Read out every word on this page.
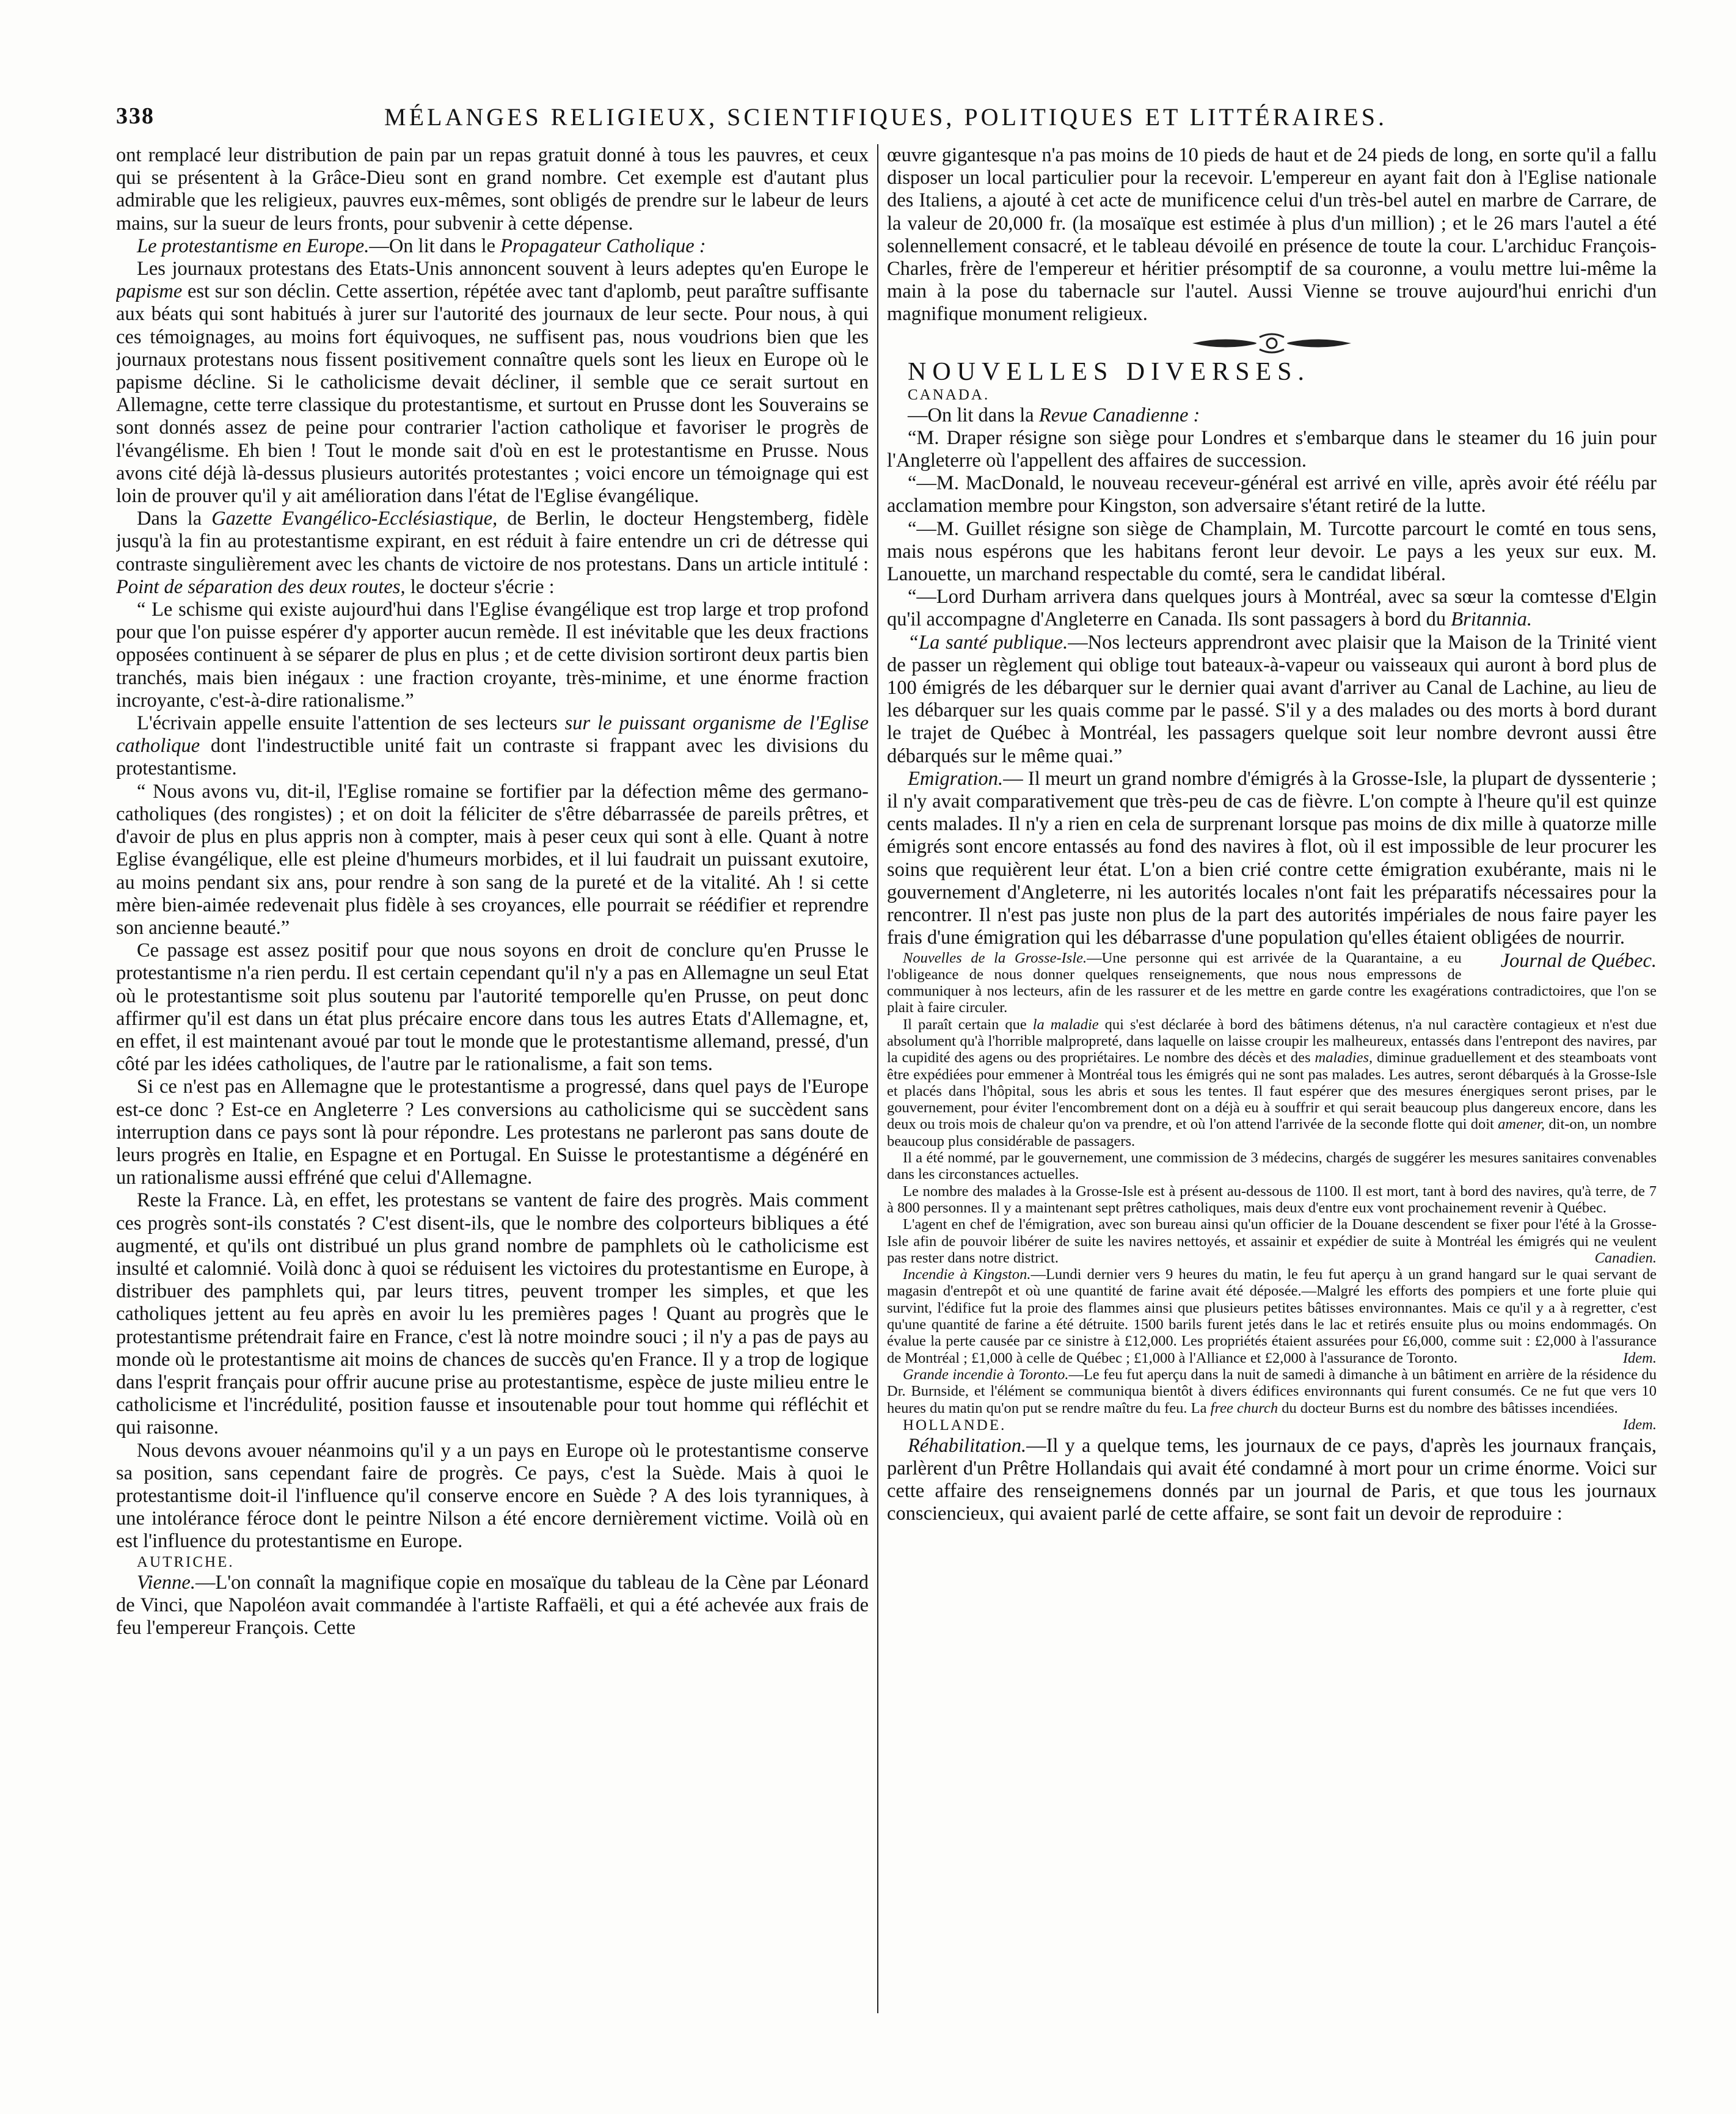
338	MÉLANGES RELIGIEUX, SCIENTIFIQUES, POLITIQUES ET LITTÉRAIRES.

ont remplacé leur distribution de pain par un repas gratuit donné à tous les pauvres, et ceux qui se présentent à la Grâce-Dieu sont en grand nombre. Cet exemple est d'autant plus admirable que les religieux, pauvres eux-mêmes, sont obligés de prendre sur le labeur de leurs mains, sur la sueur de leurs fronts, pour subvenir à cette dépense.

Le protestantisme en Europe.—On lit dans le Propagateur Catholique :

Les journaux protestans des Etats-Unis annoncent souvent à leurs adeptes qu'en Europe le papisme est sur son déclin. Cette assertion, répétée avec tant d'aplomb, peut paraître suffisante aux béats qui sont habitués à jurer sur l'autorité des journaux de leur secte. Pour nous, à qui ces témoignages, au moins fort équivoques, ne suffisent pas, nous voudrions bien que les journaux protestans nous fissent positivement connaître quels sont les lieux en Europe où le papisme décline. Si le catholicisme devait décliner, il semble que ce serait surtout en Allemagne, cette terre classique du protestantisme, et surtout en Prusse dont les Souverains se sont donnés assez de peine pour contrarier l'action catholique et favoriser le progrès de l'évangélisme. Eh bien ! Tout le monde sait d'où en est le protestantisme en Prusse. Nous avons cité déjà là-dessus plusieurs autorités protestantes ; voici encore un témoignage qui est loin de prouver qu'il y ait amélioration dans l'état de l'Eglise évangélique.

Dans la Gazette Evangélico-Ecclésiastique, de Berlin, le docteur Hengstemberg, fidèle jusqu'à la fin au protestantisme expirant, en est réduit à faire entendre un cri de détresse qui contraste singulièrement avec les chants de victoire de nos protestans. Dans un article intitulé : Point de séparation des deux routes, le docteur s'écrie :

“ Le schisme qui existe aujourd'hui dans l'Eglise évangélique est trop large et trop profond pour que l'on puisse espérer d'y apporter aucun remède. Il est inévitable que les deux fractions opposées continuent à se séparer de plus en plus ; et de cette division sortiront deux partis bien tranchés, mais bien inégaux : une fraction croyante, très-minime, et une énorme fraction incroyante, c'est-à-dire rationalisme.”

L'écrivain appelle ensuite l'attention de ses lecteurs sur le puissant organisme de l'Eglise catholique dont l'indestructible unité fait un contraste si frappant avec les divisions du protestantisme.

“ Nous avons vu, dit-il, l'Eglise romaine se fortifier par la défection même des germano-catholiques (des rongistes) ; et on doit la féliciter de s'être débarrassée de pareils prêtres, et d'avoir de plus en plus appris non à compter, mais à peser ceux qui sont à elle. Quant à notre Eglise évangélique, elle est pleine d'humeurs morbides, et il lui faudrait un puissant exutoire, au moins pendant six ans, pour rendre à son sang de la pureté et de la vitalité. Ah ! si cette mère bien-aimée redevenait plus fidèle à ses croyances, elle pourrait se réédifier et reprendre son ancienne beauté.”

Ce passage est assez positif pour que nous soyons en droit de conclure qu'en Prusse le protestantisme n'a rien perdu. Il est certain cependant qu'il n'y a pas en Allemagne un seul Etat où le protestantisme soit plus soutenu par l'autorité temporelle qu'en Prusse, on peut donc affirmer qu'il est dans un état plus précaire encore dans tous les autres Etats d'Allemagne, et, en effet, il est maintenant avoué par tout le monde que le protestantisme allemand, pressé, d'un côté par les idées catholiques, de l'autre par le rationalisme, a fait son tems.

Si ce n'est pas en Allemagne que le protestantisme a progressé, dans quel pays de l'Europe est-ce donc ? Est-ce en Angleterre ? Les conversions au catholicisme qui se succèdent sans interruption dans ce pays sont là pour répondre. Les protestans ne parleront pas sans doute de leurs progrès en Italie, en Espagne et en Portugal. En Suisse le protestantisme a dégénéré en un rationalisme aussi effréné que celui d'Allemagne.

Reste la France. Là, en effet, les protestans se vantent de faire des progrès. Mais comment ces progrès sont-ils constatés ? C'est disent-ils, que le nombre des colporteurs bibliques a été augmenté, et qu'ils ont distribué un plus grand nombre de pamphlets où le catholicisme est insulté et calomnié. Voilà donc à quoi se réduisent les victoires du protestantisme en Europe, à distribuer des pamphlets qui, par leurs titres, peuvent tromper les simples, et que les catholiques jettent au feu après en avoir lu les premières pages ! Quant au progrès que le protestantisme prétendrait faire en France, c'est là notre moindre souci ; il n'y a pas de pays au monde où le protestantisme ait moins de chances de succès qu'en France. Il y a trop de logique dans l'esprit français pour offrir aucune prise au protestantisme, espèce de juste milieu entre le catholicisme et l'incrédulité, position fausse et insoutenable pour tout homme qui réfléchit et qui raisonne.

Nous devons avouer néanmoins qu'il y a un pays en Europe où le protestantisme conserve sa position, sans cependant faire de progrès. Ce pays, c'est la Suède. Mais à quoi le protestantisme doit-il l'influence qu'il conserve encore en Suède ? A des lois tyranniques, à une intolérance féroce dont le peintre Nilson a été encore dernièrement victime. Voilà où en est l'influence du protestantisme en Europe.

AUTRICHE.

Vienne.—L'on connaît la magnifique copie en mosaïque du tableau de la Cène par Léonard de Vinci, que Napoléon avait commandée à l'artiste Raffaëli, et qui a été achevée aux frais de feu l'empereur François. Cette

œuvre gigantesque n'a pas moins de 10 pieds de haut et de 24 pieds de long, en sorte qu'il a fallu disposer un local particulier pour la recevoir. L'empereur en ayant fait don à l'Eglise nationale des Italiens, a ajouté à cet acte de munificence celui d'un très-bel autel en marbre de Carrare, de la valeur de 20,000 fr. (la mosaïque est estimée à plus d'un million) ; et le 26 mars l'autel a été solennellement consacré, et le tableau dévoilé en présence de toute la cour. L'archiduc François-Charles, frère de l'empereur et héritier présomptif de sa couronne, a voulu mettre lui-même la main à la pose du tabernacle sur l'autel. Aussi Vienne se trouve aujourd'hui enrichi d'un magnifique monument religieux.

NOUVELLES DIVERSES.

CANADA.

—On lit dans la Revue Canadienne :

“M. Draper résigne son siège pour Londres et s'embarque dans le steamer du 16 juin pour l'Angleterre où l'appellent des affaires de succession.

“—M. MacDonald, le nouveau receveur-général est arrivé en ville, après avoir été réélu par acclamation membre pour Kingston, son adversaire s'étant retiré de la lutte.

“—M. Guillet résigne son siège de Champlain, M. Turcotte parcourt le comté en tous sens, mais nous espérons que les habitans feront leur devoir. Le pays a les yeux sur eux. M. Lanouette, un marchand respectable du comté, sera le candidat libéral.

“—Lord Durham arrivera dans quelques jours à Montréal, avec sa sœur la comtesse d'Elgin qu'il accompagne d'Angleterre en Canada. Ils sont passagers à bord du Britannia.

“La santé publique.—Nos lecteurs apprendront avec plaisir que la Maison de la Trinité vient de passer un règlement qui oblige tout bateaux-à-vapeur ou vaisseaux qui auront à bord plus de 100 émigrés de les débarquer sur le dernier quai avant d'arriver au Canal de Lachine, au lieu de les débarquer sur les quais comme par le passé. S'il y a des malades ou des morts à bord durant le trajet de Québec à Montréal, les passagers quelque soit leur nombre devront aussi être débarqués sur le même quai.”

Emigration.— Il meurt un grand nombre d'émigrés à la Grosse-Isle, la plupart de dyssenterie ; il n'y avait comparativement que très-peu de cas de fièvre. L'on compte à l'heure qu'il est quinze cents malades. Il n'y a rien en cela de surprenant lorsque pas moins de dix mille à quatorze mille émigrés sont encore entassés au fond des navires à flot, où il est impossible de leur procurer les soins que requièrent leur état. L'on a bien crié contre cette émigration exubérante, mais ni le gouvernement d'Angleterre, ni les autorités locales n'ont fait les préparatifs nécessaires pour la rencontrer. Il n'est pas juste non plus de la part des autorités impériales de nous faire payer les frais d'une émigration qui les débarrasse d'une population qu'elles étaient obligées de nourrir.
Journal de Québec.

Nouvelles de la Grosse-Isle.—Une personne qui est arrivée de la Quarantaine, a eu l'obligeance de nous donner quelques renseignements, que nous nous empressons de communiquer à nos lecteurs, afin de les rassurer et de les mettre en garde contre les exagérations contradictoires, que l'on se plait à faire circuler.

Il paraît certain que la maladie qui s'est déclarée à bord des bâtimens détenus, n'a nul caractère contagieux et n'est due absolument qu'à l'horrible malpropreté, dans laquelle on laisse croupir les malheureux, entassés dans l'entrepont des navires, par la cupidité des agens ou des propriétaires. Le nombre des décès et des maladies, diminue graduellement et des steamboats vont être expédiées pour emmener à Montréal tous les émigrés qui ne sont pas malades. Les autres, seront débarqués à la Grosse-Isle et placés dans l'hôpital, sous les abris et sous les tentes. Il faut espérer que des mesures énergiques seront prises, par le gouvernement, pour éviter l'encombrement dont on a déjà eu à souffrir et qui serait beaucoup plus dangereux encore, dans les deux ou trois mois de chaleur qu'on va prendre, et où l'on attend l'arrivée de la seconde flotte qui doit amener, dit-on, un nombre beaucoup plus considérable de passagers.

Il a été nommé, par le gouvernement, une commission de 3 médecins, chargés de suggérer les mesures sanitaires convenables dans les circonstances actuelles.

Le nombre des malades à la Grosse-Isle est à présent au-dessous de 1100. Il est mort, tant à bord des navires, qu'à terre, de 7 à 800 personnes. Il y a maintenant sept prêtres catholiques, mais deux d'entre eux vont prochainement revenir à Québec.

L'agent en chef de l'émigration, avec son bureau ainsi qu'un officier de la Douane descendent se fixer pour l'été à la Grosse-Isle afin de pouvoir libérer de suite les navires nettoyés, et assainir et expédier de suite à Montréal les émigrés qui ne veulent pas rester dans notre district.	Canadien.

Incendie à Kingston.—Lundi dernier vers 9 heures du matin, le feu fut aperçu à un grand hangard sur le quai servant de magasin d'entrepôt et où une quantité de farine avait été déposée.—Malgré les efforts des pompiers et une forte pluie qui survint, l'édifice fut la proie des flammes ainsi que plusieurs petites bâtisses environnantes. Mais ce qu'il y a à regretter, c'est qu'une quantité de farine a été détruite. 1500 barils furent jetés dans le lac et retirés ensuite plus ou moins endommagés. On évalue la perte causée par ce sinistre à £12,000. Les propriétés étaient assurées pour £6,000, comme suit : £2,000 à l'assurance de Montréal ; £1,000 à celle de Québec ; £1,000 à l'Alliance et £2,000 à l'assurance de Toronto.	Idem.

Grande incendie à Toronto.—Le feu fut aperçu dans la nuit de samedi à dimanche à un bâtiment en arrière de la résidence du Dr. Burnside, et l'élément se communiqua bientôt à divers édifices environnants qui furent consumés. Ce ne fut que vers 10 heures du matin qu'on put se rendre maître du feu. La free church du docteur Burns est du nombre des bâtisses incendiées.
Idem.

HOLLANDE.

Réhabilitation.—Il y a quelque tems, les journaux de ce pays, d'après les journaux français, parlèrent d'un Prêtre Hollandais qui avait été condamné à mort pour un crime énorme. Voici sur cette affaire des renseignemens donnés par un journal de Paris, et que tous les journaux consciencieux, qui avaient parlé de cette affaire, se sont fait un devoir de reproduire :
